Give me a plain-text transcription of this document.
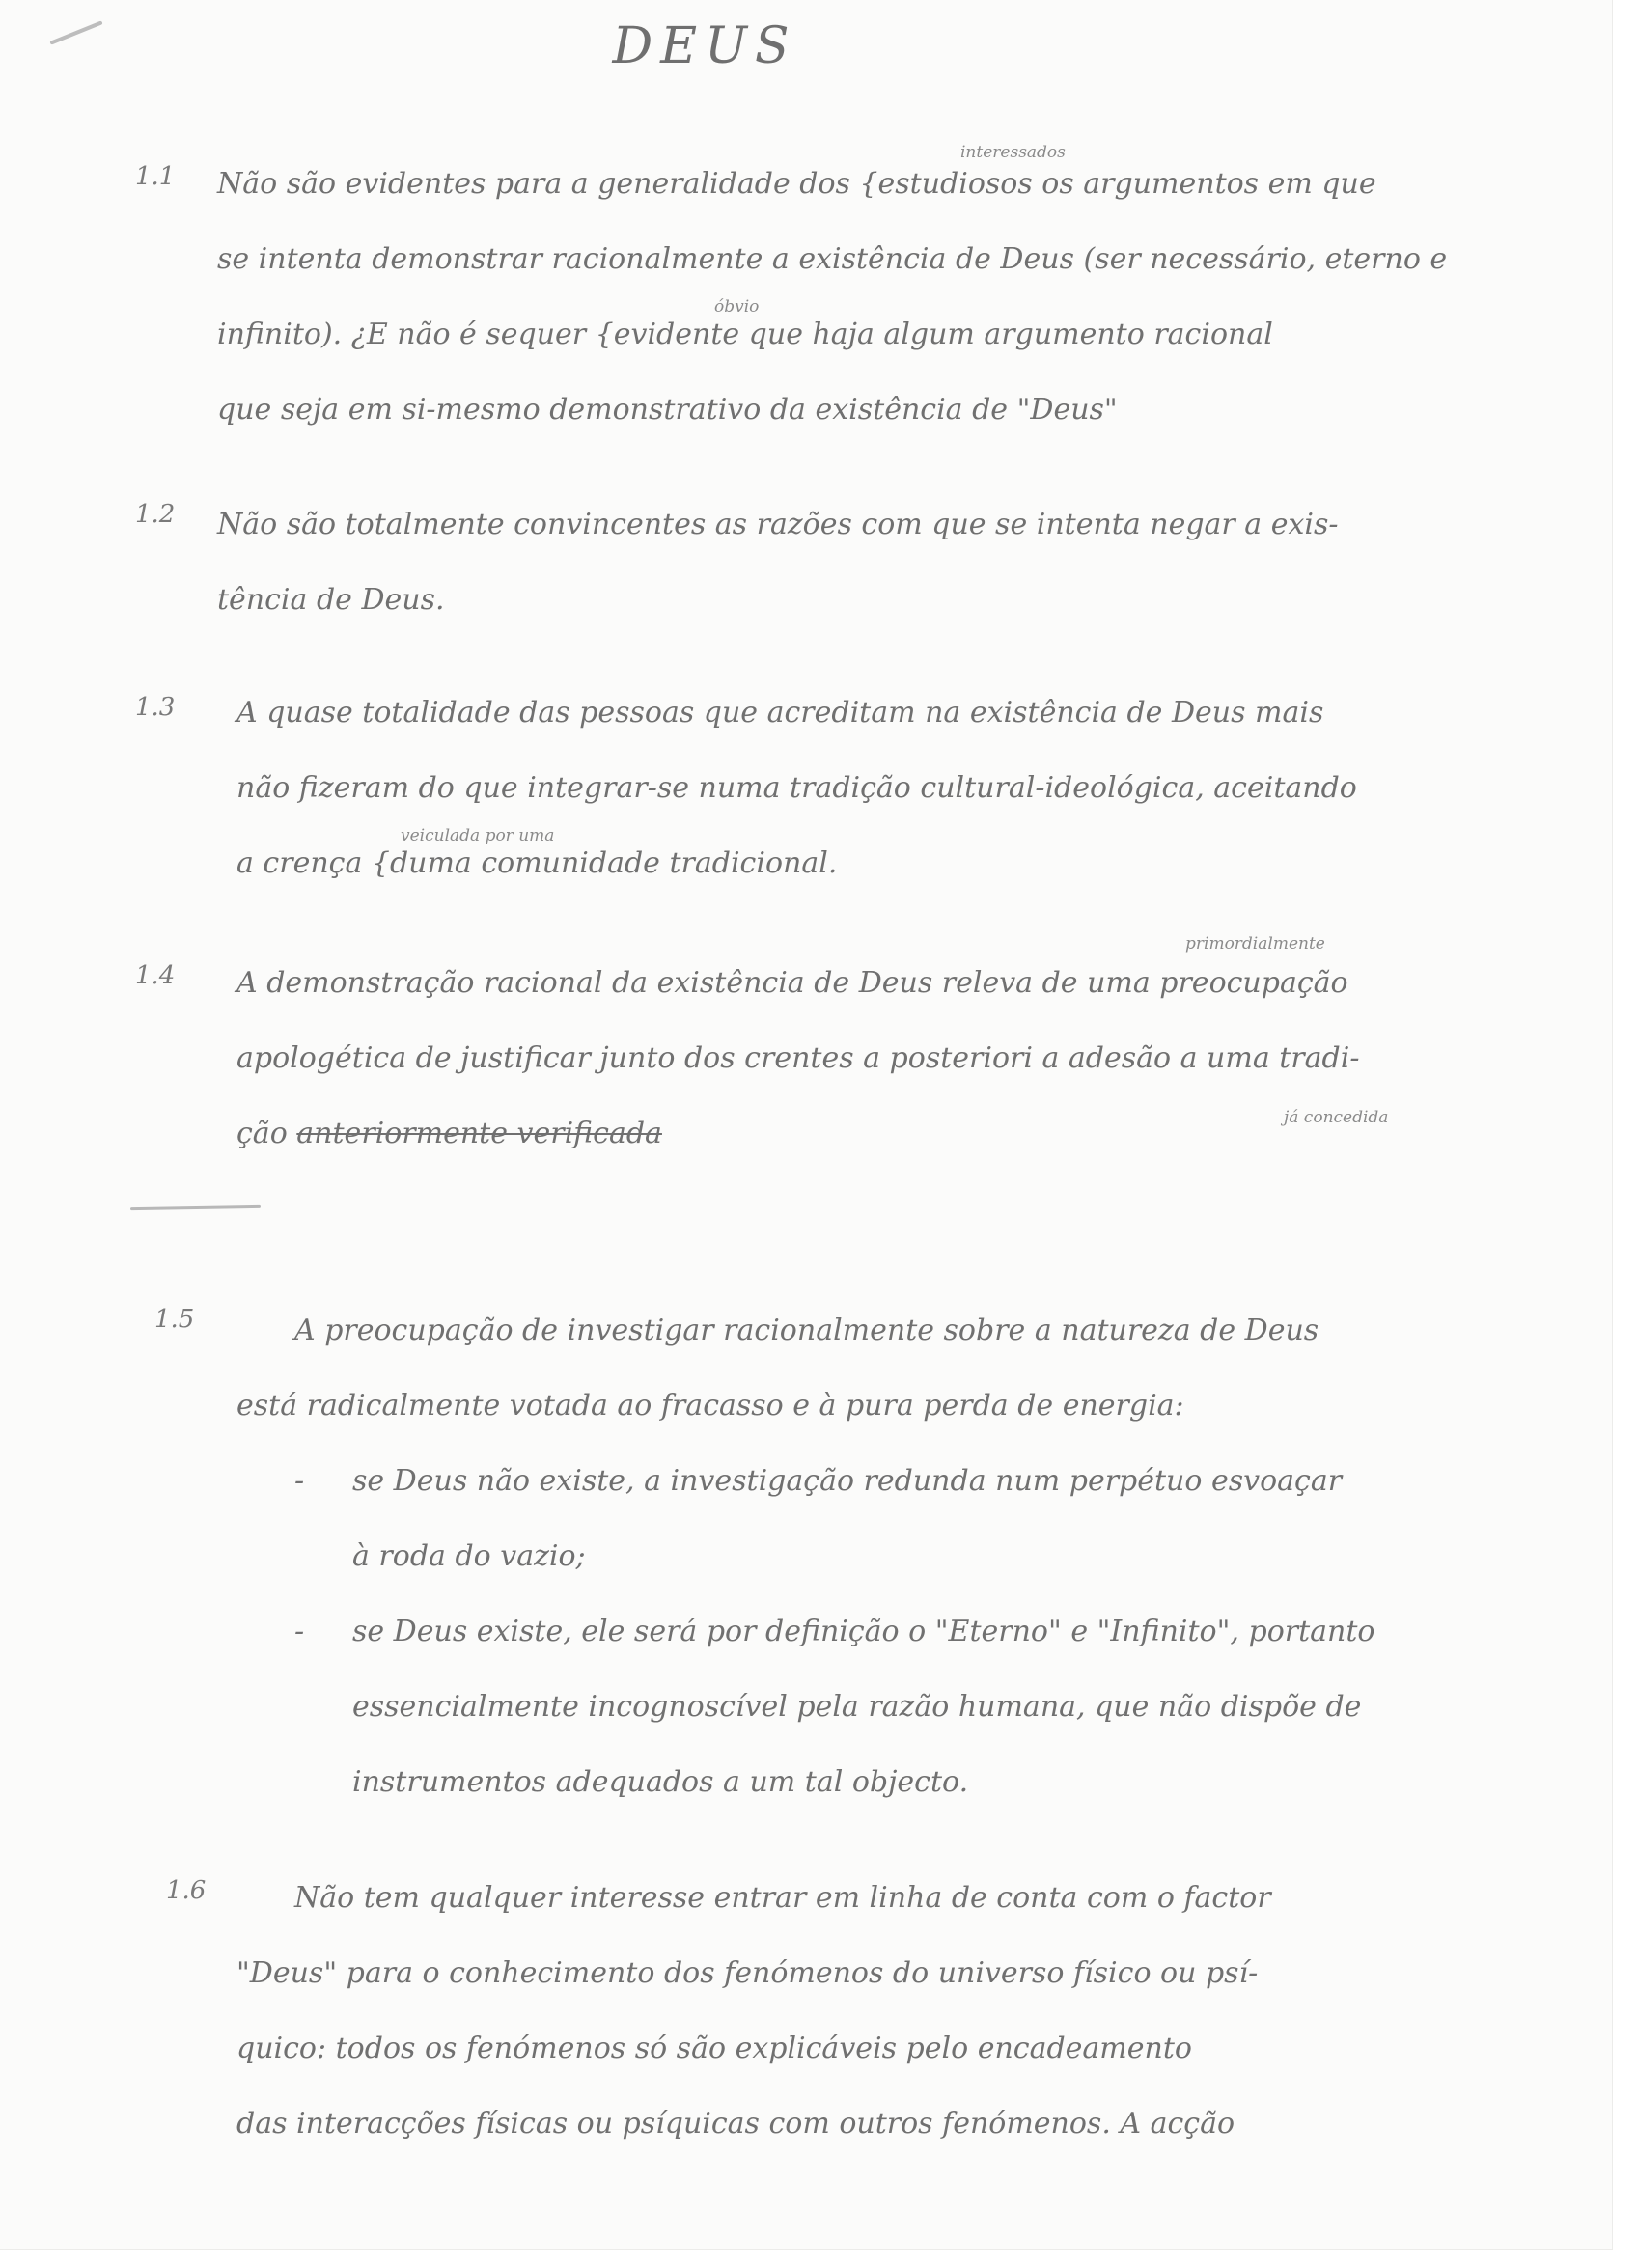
DEUS
1.1
interessados
óbvio
Não são evidentes para a generalidade dos {estudiosos os argumentos em que
se intenta demonstrar racionalmente a existência de Deus (ser necessário, eterno e
infinito). ¿E não é sequer {evidente que haja algum argumento racional
que seja em si-mesmo demonstrativo da existência de "Deus"
1.2	Não são totalmente convincentes as razões com que se intenta negar a exis-
tência de Deus.
1.3
veiculada por uma
A quase totalidade das pessoas que acreditam na existência de Deus mais
não fizeram do que integrar-se numa tradição cultural-ideológica, aceitando
a crença {duma comunidade tradicional.
1.4
primordialmente
já concedida
A demonstração racional da existência de Deus releva de uma preocupação
apologética de justificar junto dos crentes a posteriori a adesão a uma tradi-
ção anteriormente verificada
1.5	A preocupação de investigar racionalmente sobre a natureza de Deus
está radicalmente votada ao fracasso e à pura perda de energia:
- se Deus não existe, a investigação redunda num perpétuo esvoaçar
à roda do vazio;
- se Deus existe, ele será por definição o "Eterno" e "Infinito", portanto
essencialmente incognoscível pela razão humana, que não dispõe de
instrumentos adequados a um tal objecto.
1.6	Não tem qualquer interesse entrar em linha de conta com o factor
"Deus" para o conhecimento dos fenómenos do universo físico ou psí-
quico: todos os fenómenos só são explicáveis pelo encadeamento
das interacções físicas ou psíquicas com outros fenómenos. A acção
